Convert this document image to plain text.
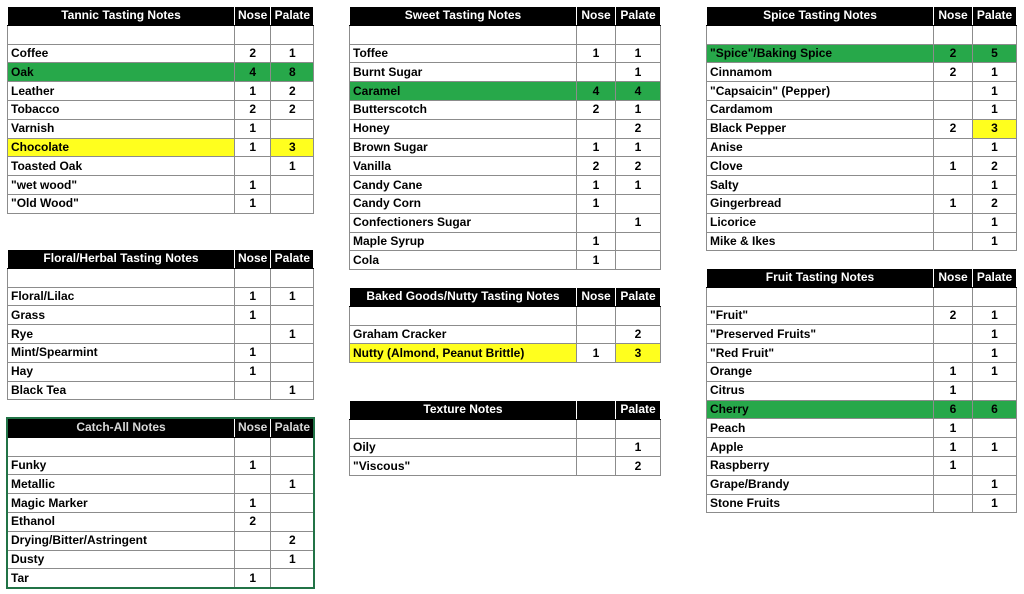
Tannic Tasting Notes	Nose	Palate

Coffee	2	1
Oak	4	8
Leather	1	2
Tobacco	2	2
Varnish	1	
Chocolate	1	3
Toasted Oak		1
"wet wood"	1	
"Old Wood"	1	
Floral/Herbal Tasting Notes	Nose	Palate

Floral/Lilac	1	1
Grass	1	
Rye		1
Mint/Spearmint	1	
Hay	1	
Black Tea		1
Catch-All Notes	Nose	Palate

Funky	1	
Metallic		1
Magic Marker	1	
Ethanol	2	
Drying/Bitter/Astringent		2
Dusty		1
Tar	1	
Sweet Tasting Notes	Nose	Palate

Toffee	1	1
Burnt Sugar		1
Caramel	4	4
Butterscotch	2	1
Honey		2
Brown Sugar	1	1
Vanilla	2	2
Candy Cane	1	1
Candy Corn	1	
Confectioners Sugar		1
Maple Syrup	1	
Cola	1	
Baked Goods/Nutty Tasting Notes	Nose	Palate

Graham Cracker		2
Nutty (Almond, Peanut Brittle)	1	3
Texture Notes		Palate

Oily		1
"Viscous"		2
Spice Tasting Notes	Nose	Palate

"Spice"/Baking Spice	2	5
Cinnamom	2	1
"Capsaicin" (Pepper)		1
Cardamom		1
Black Pepper	2	3
Anise		1
Clove	1	2
Salty		1
Gingerbread	1	2
Licorice		1
Mike & Ikes		1
Fruit Tasting Notes	Nose	Palate

"Fruit"	2	1
"Preserved Fruits"		1
"Red Fruit"		1
Orange	1	1
Citrus	1	
Cherry	6	6
Peach	1	
Apple	1	1
Raspberry	1	
Grape/Brandy		1
Stone Fruits		1
